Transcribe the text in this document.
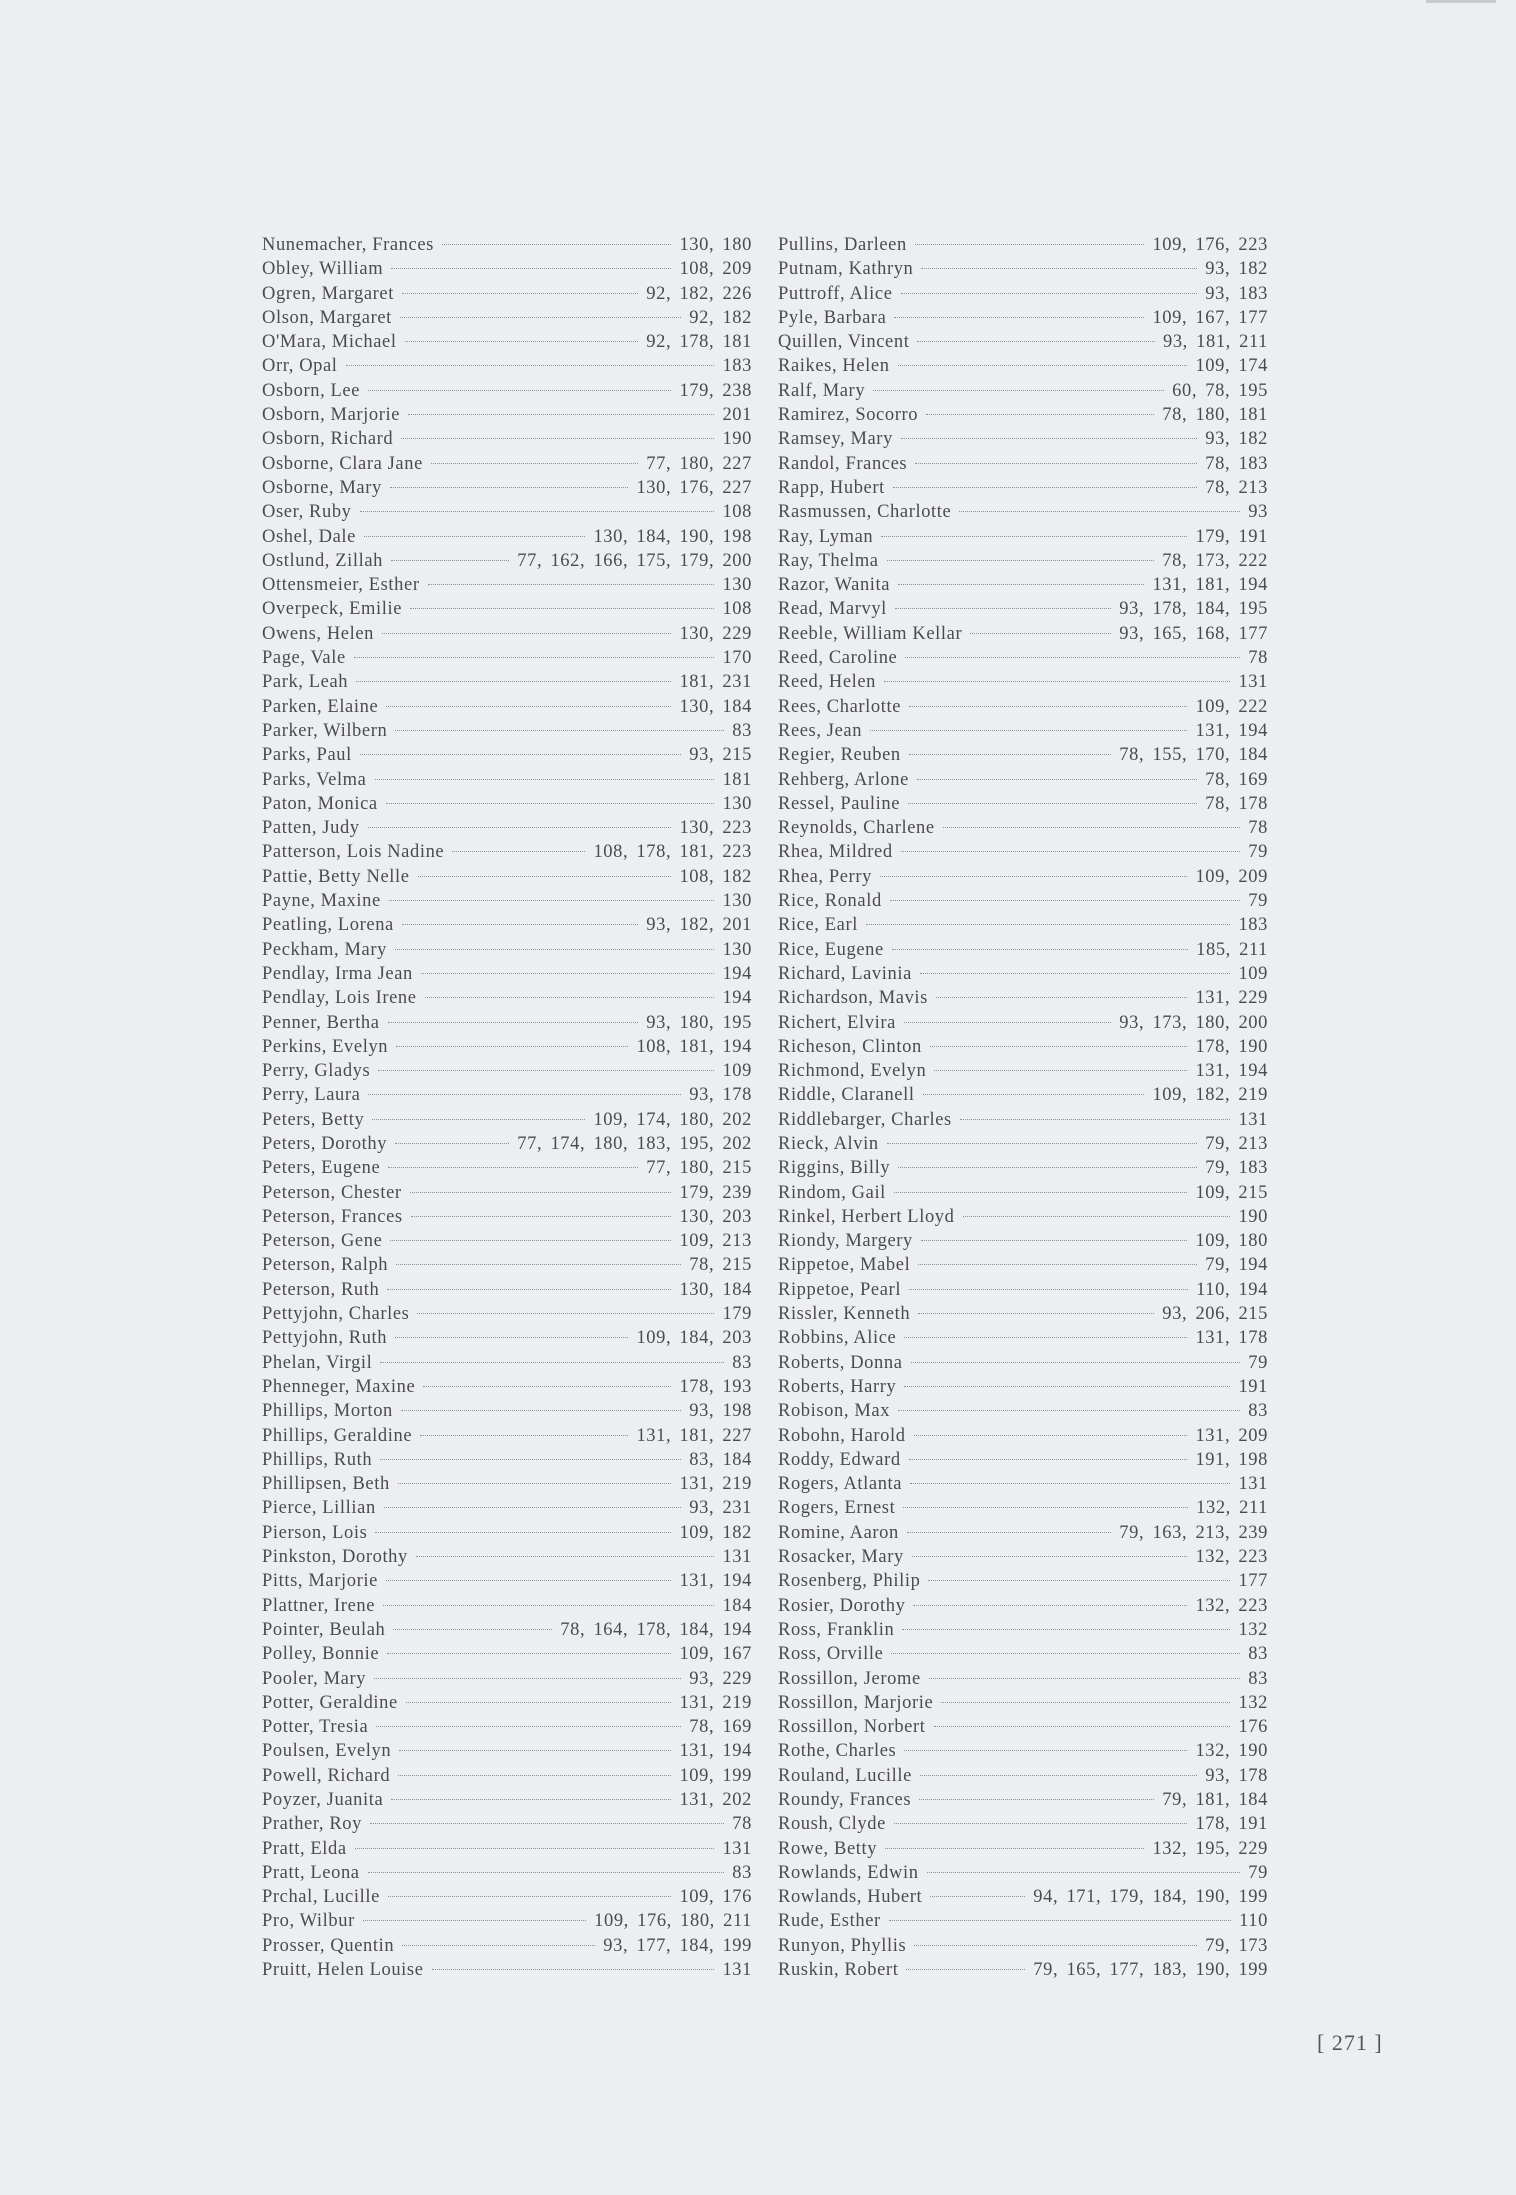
Nunemacher, Frances	130, 180
Obley, William	108, 209
Ogren, Margaret	92, 182, 226
Olson, Margaret	92, 182
O'Mara, Michael	92, 178, 181
Orr, Opal	183
Osborn, Lee	179, 238
Osborn, Marjorie	201
Osborn, Richard	190
Osborne, Clara Jane	77, 180, 227
Osborne, Mary	130, 176, 227
Oser, Ruby	108
Oshel, Dale	130, 184, 190, 198
Ostlund, Zillah	77, 162, 166, 175, 179, 200
Ottensmeier, Esther	130
Overpeck, Emilie	108
Owens, Helen	130, 229
Page, Vale	170
Park, Leah	181, 231
Parken, Elaine	130, 184
Parker, Wilbern	83
Parks, Paul	93, 215
Parks, Velma	181
Paton, Monica	130
Patten, Judy	130, 223
Patterson, Lois Nadine	108, 178, 181, 223
Pattie, Betty Nelle	108, 182
Payne, Maxine	130
Peatling, Lorena	93, 182, 201
Peckham, Mary	130
Pendlay, Irma Jean	194
Pendlay, Lois Irene	194
Penner, Bertha	93, 180, 195
Perkins, Evelyn	108, 181, 194
Perry, Gladys	109
Perry, Laura	93, 178
Peters, Betty	109, 174, 180, 202
Peters, Dorothy	77, 174, 180, 183, 195, 202
Peters, Eugene	77, 180, 215
Peterson, Chester	179, 239
Peterson, Frances	130, 203
Peterson, Gene	109, 213
Peterson, Ralph	78, 215
Peterson, Ruth	130, 184
Pettyjohn, Charles	179
Pettyjohn, Ruth	109, 184, 203
Phelan, Virgil	83
Phenneger, Maxine	178, 193
Phillips, Morton	93, 198
Phillips, Geraldine	131, 181, 227
Phillips, Ruth	83, 184
Phillipsen, Beth	131, 219
Pierce, Lillian	93, 231
Pierson, Lois	109, 182
Pinkston, Dorothy	131
Pitts, Marjorie	131, 194
Plattner, Irene	184
Pointer, Beulah	78, 164, 178, 184, 194
Polley, Bonnie	109, 167
Pooler, Mary	93, 229
Potter, Geraldine	131, 219
Potter, Tresia	78, 169
Poulsen, Evelyn	131, 194
Powell, Richard	109, 199
Poyzer, Juanita	131, 202
Prather, Roy	78
Pratt, Elda	131
Pratt, Leona	83
Prchal, Lucille	109, 176
Pro, Wilbur	109, 176, 180, 211
Prosser, Quentin	93, 177, 184, 199
Pruitt, Helen Louise	131
Pullins, Darleen	109, 176, 223
Putnam, Kathryn	93, 182
Puttroff, Alice	93, 183
Pyle, Barbara	109, 167, 177
Quillen, Vincent	93, 181, 211
Raikes, Helen	109, 174
Ralf, Mary	60, 78, 195
Ramirez, Socorro	78, 180, 181
Ramsey, Mary	93, 182
Randol, Frances	78, 183
Rapp, Hubert	78, 213
Rasmussen, Charlotte	93
Ray, Lyman	179, 191
Ray, Thelma	78, 173, 222
Razor, Wanita	131, 181, 194
Read, Marvyl	93, 178, 184, 195
Reeble, William Kellar	93, 165, 168, 177
Reed, Caroline	78
Reed, Helen	131
Rees, Charlotte	109, 222
Rees, Jean	131, 194
Regier, Reuben	78, 155, 170, 184
Rehberg, Arlone	78, 169
Ressel, Pauline	78, 178
Reynolds, Charlene	78
Rhea, Mildred	79
Rhea, Perry	109, 209
Rice, Ronald	79
Rice, Earl	183
Rice, Eugene	185, 211
Richard, Lavinia	109
Richardson, Mavis	131, 229
Richert, Elvira	93, 173, 180, 200
Richeson, Clinton	178, 190
Richmond, Evelyn	131, 194
Riddle, Claranell	109, 182, 219
Riddlebarger, Charles	131
Rieck, Alvin	79, 213
Riggins, Billy	79, 183
Rindom, Gail	109, 215
Rinkel, Herbert Lloyd	190
Riondy, Margery	109, 180
Rippetoe, Mabel	79, 194
Rippetoe, Pearl	110, 194
Rissler, Kenneth	93, 206, 215
Robbins, Alice	131, 178
Roberts, Donna	79
Roberts, Harry	191
Robison, Max	83
Robohn, Harold	131, 209
Roddy, Edward	191, 198
Rogers, Atlanta	131
Rogers, Ernest	132, 211
Romine, Aaron	79, 163, 213, 239
Rosacker, Mary	132, 223
Rosenberg, Philip	177
Rosier, Dorothy	132, 223
Ross, Franklin	132
Ross, Orville	83
Rossillon, Jerome	83
Rossillon, Marjorie	132
Rossillon, Norbert	176
Rothe, Charles	132, 190
Rouland, Lucille	93, 178
Roundy, Frances	79, 181, 184
Roush, Clyde	178, 191
Rowe, Betty	132, 195, 229
Rowlands, Edwin	79
Rowlands, Hubert	94, 171, 179, 184, 190, 199
Rude, Esther	110
Runyon, Phyllis	79, 173
Ruskin, Robert	79, 165, 177, 183, 190, 199
[ 271 ]
